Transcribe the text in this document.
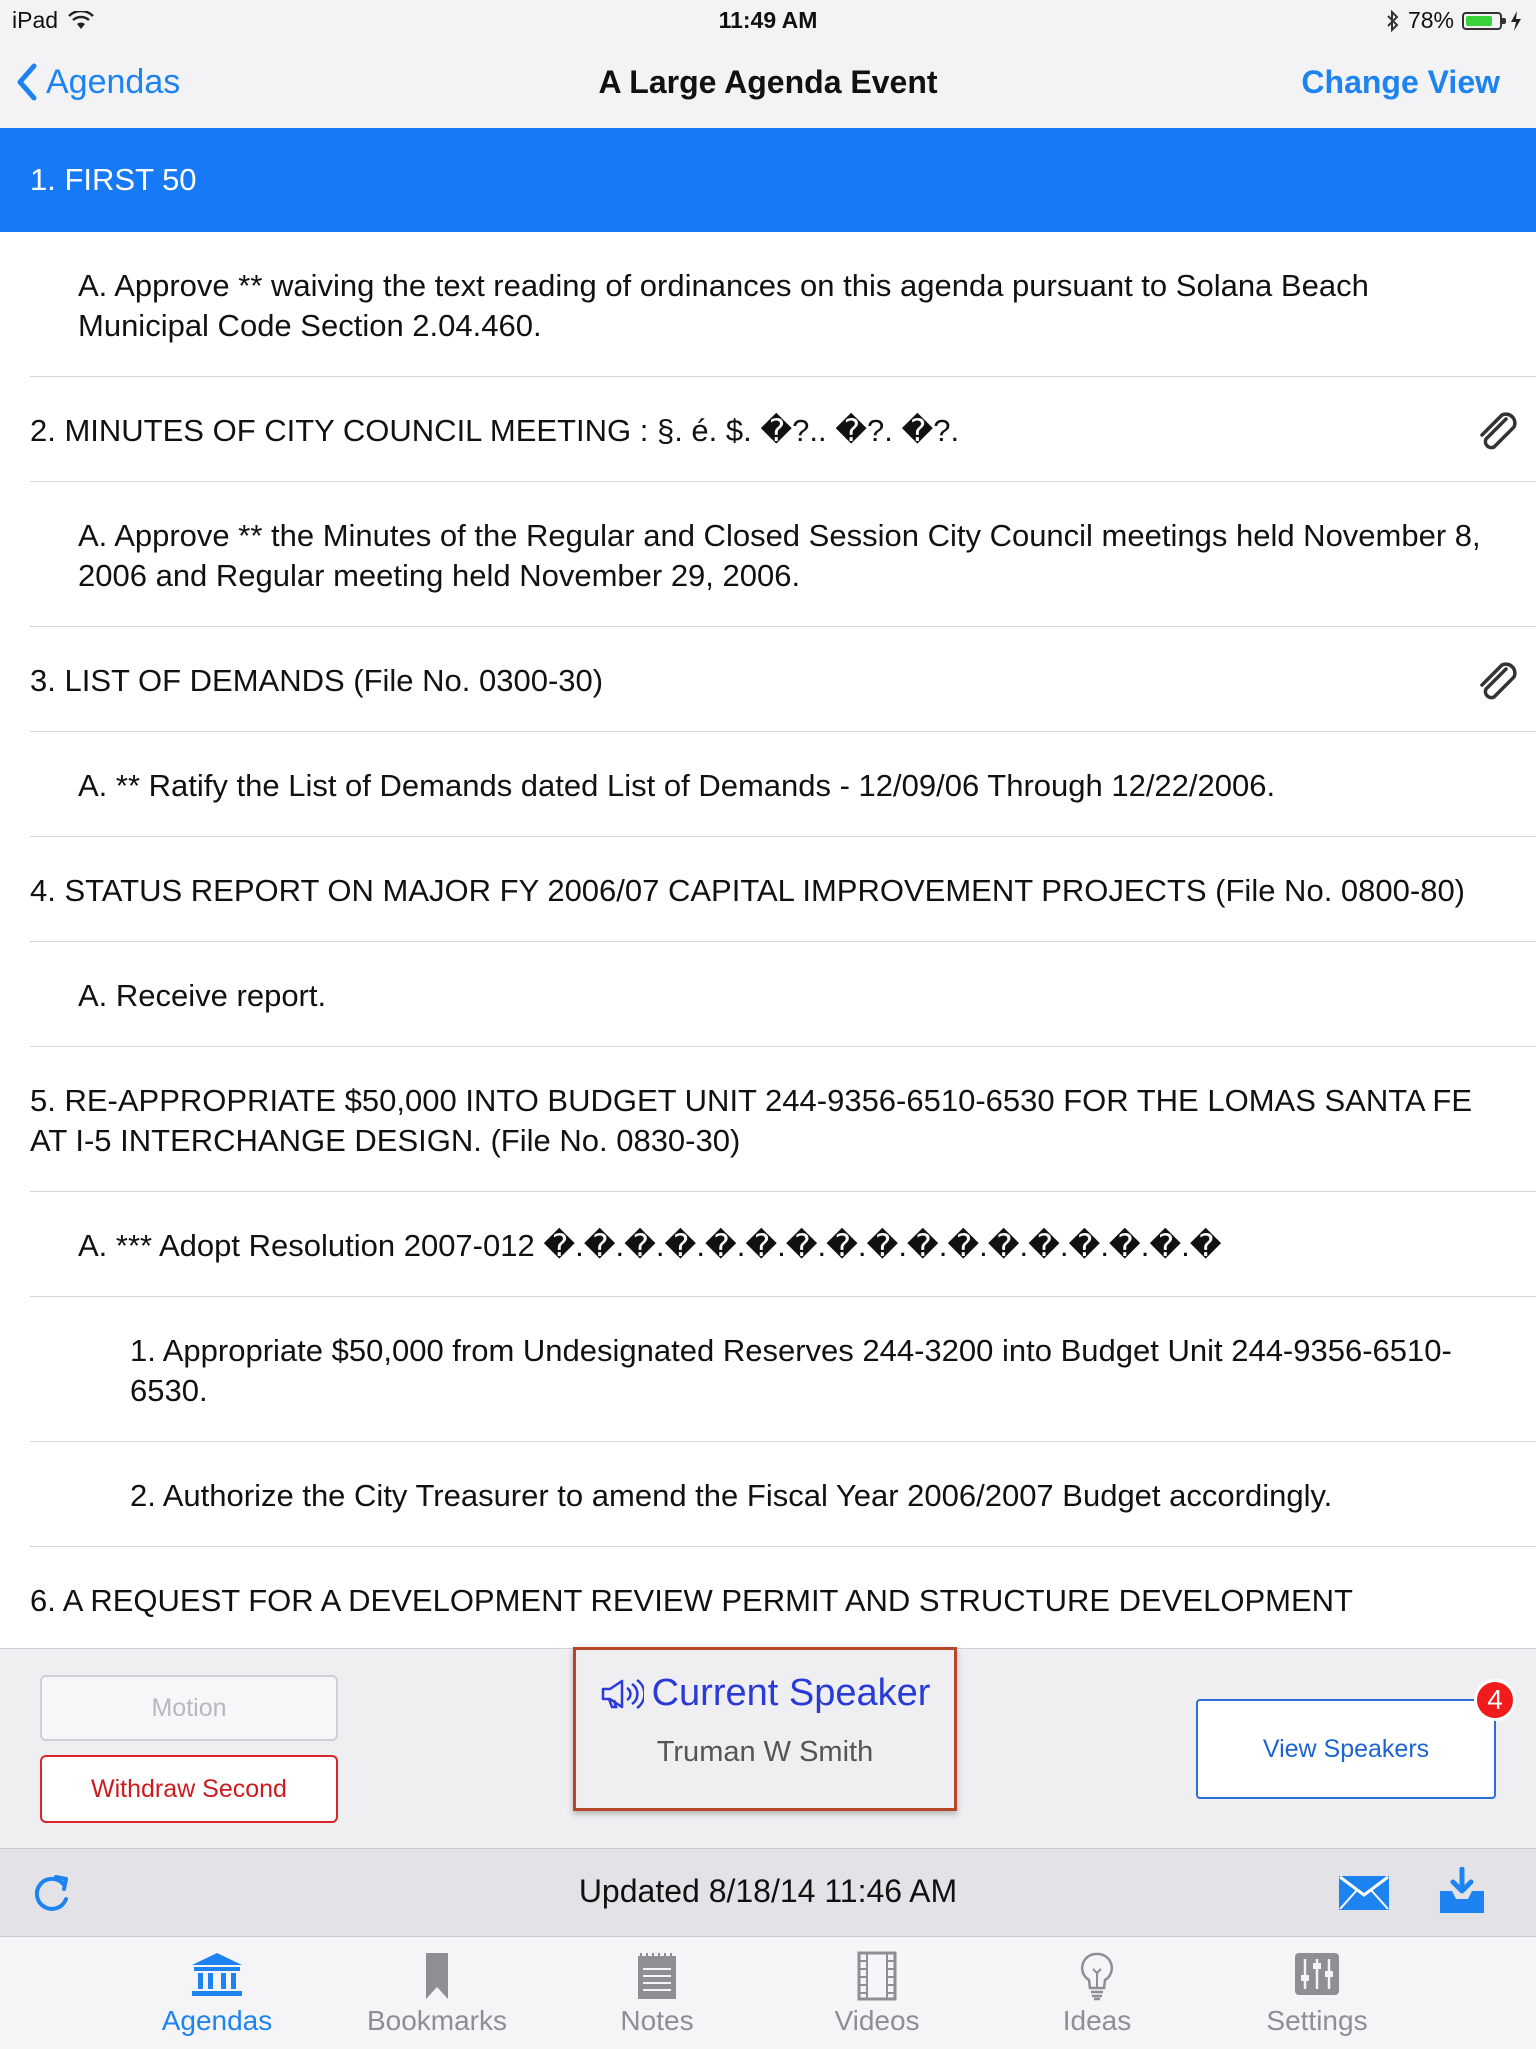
iPad	11:49 AM	78%
Agendas	A Large Agenda Event	Change View
1. FIRST 50
A. Approve ** waiving the text reading of ordinances on this agenda pursuant to Solana Beach Municipal Code Section 2.04.460.
2. MINUTES OF CITY COUNCIL MEETING : §. é. $. �?.. �?. �?.
A. Approve ** the Minutes of the Regular and Closed Session City Council meetings held November 8, 2006 and Regular meeting held November 29, 2006.
3. LIST OF DEMANDS (File No. 0300-30)
A. ** Ratify the List of Demands dated List of Demands - 12/09/06 Through 12/22/2006.
4. STATUS REPORT ON MAJOR FY 2006/07 CAPITAL IMPROVEMENT PROJECTS (File No. 0800-80)
A. Receive report.
5. RE-APPROPRIATE $50,000 INTO BUDGET UNIT 244-9356-6510-6530 FOR THE LOMAS SANTA FE AT I-5 INTERCHANGE DESIGN. (File No. 0830-30)
A. *** Adopt Resolution 2007-012 �.�.�.�.�.�.�.�.�.�.�.�.�.�.�.�.�
1. Appropriate $50,000 from Undesignated Reserves 244-3200 into Budget Unit 244-9356-6510-6530.
2. Authorize the City Treasurer to amend the Fiscal Year 2006/2007 Budget accordingly.
6. A REQUEST FOR A DEVELOPMENT REVIEW PERMIT AND STRUCTURE DEVELOPMENT
Motion
Withdraw Second
Current Speaker
Truman W Smith	View Speakers
4
Updated 8/18/14 11:46 AM
Agendas	Bookmarks	Notes	Videos	Ideas	Settings
